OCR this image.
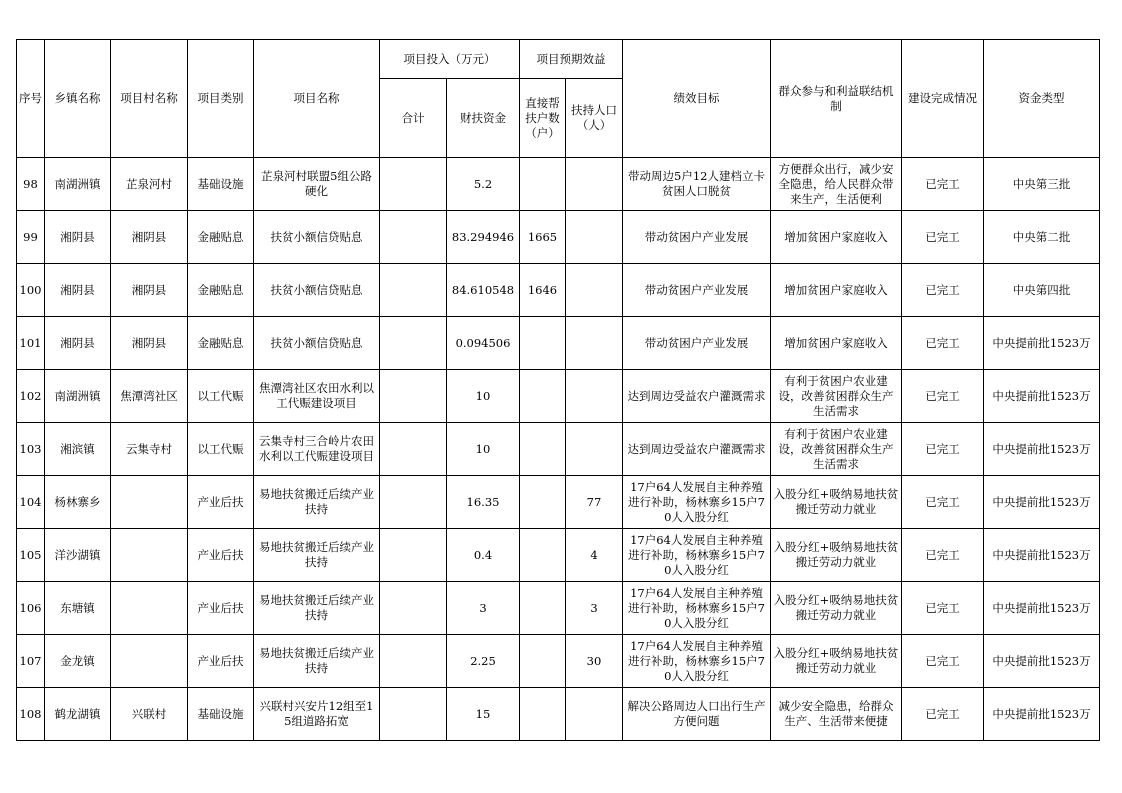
序号	乡镇名称	项目村名称	项目类别	项目名称	项目投入（万元）		项目预期效益		绩效目标	群众参与和利益联结机制	建设完成情况	资金类型
					合计	财扶资金	直接帮扶户数（户）	扶持人口（人）				
98	南湖洲镇	芷泉河村	基础设施	芷泉河村联盟5组公路硬化		5.2			带动周边5户12人建档立卡贫困人口脱贫	方便群众出行，减少安全隐患，给人民群众带来生产，生活便利	已完工	中央第三批
99	湘阴县	湘阴县	金融贴息	扶贫小额信贷贴息		83.294946	1665		带动贫困户产业发展	增加贫困户家庭收入	已完工	中央第二批
100	湘阴县	湘阴县	金融贴息	扶贫小额信贷贴息		84.610548	1646		带动贫困户产业发展	增加贫困户家庭收入	已完工	中央第四批
101	湘阴县	湘阴县	金融贴息	扶贫小额信贷贴息		0.094506			带动贫困户产业发展	增加贫困户家庭收入	已完工	中央提前批1523万
102	南湖洲镇	焦潭湾社区	以工代赈	焦潭湾社区农田水利以工代赈建设项目		10			达到周边受益农户灌溉需求	有利于贫困户农业建设，改善贫困群众生产生活需求	已完工	中央提前批1523万
103	湘滨镇	云集寺村	以工代赈	云集寺村三合岭片农田水利以工代赈建设项目		10			达到周边受益农户灌溉需求	有利于贫困户农业建设，改善贫困群众生产生活需求	已完工	中央提前批1523万
104	杨林寨乡		产业后扶	易地扶贫搬迁后续产业扶持		16.35		77	17户64人发展自主种养殖进行补助，杨林寨乡15户70人入股分红	入股分红+吸纳易地扶贫搬迁劳动力就业	已完工	中央提前批1523万
105	洋沙湖镇		产业后扶	易地扶贫搬迁后续产业扶持		0.4		4	17户64人发展自主种养殖进行补助，杨林寨乡15户70人入股分红	入股分红+吸纳易地扶贫搬迁劳动力就业	已完工	中央提前批1523万
106	东塘镇		产业后扶	易地扶贫搬迁后续产业扶持		3		3	17户64人发展自主种养殖进行补助，杨林寨乡15户70人入股分红	入股分红+吸纳易地扶贫搬迁劳动力就业	已完工	中央提前批1523万
107	金龙镇		产业后扶	易地扶贫搬迁后续产业扶持		2.25		30	17户64人发展自主种养殖进行补助，杨林寨乡15户70人入股分红	入股分红+吸纳易地扶贫搬迁劳动力就业	已完工	中央提前批1523万
108	鹤龙湖镇	兴联村	基础设施	兴联村兴安片12组至15组道路拓宽		15			解决公路周边人口出行生产方便问题	减少安全隐患，给群众生产、生活带来便捷	已完工	中央提前批1523万
